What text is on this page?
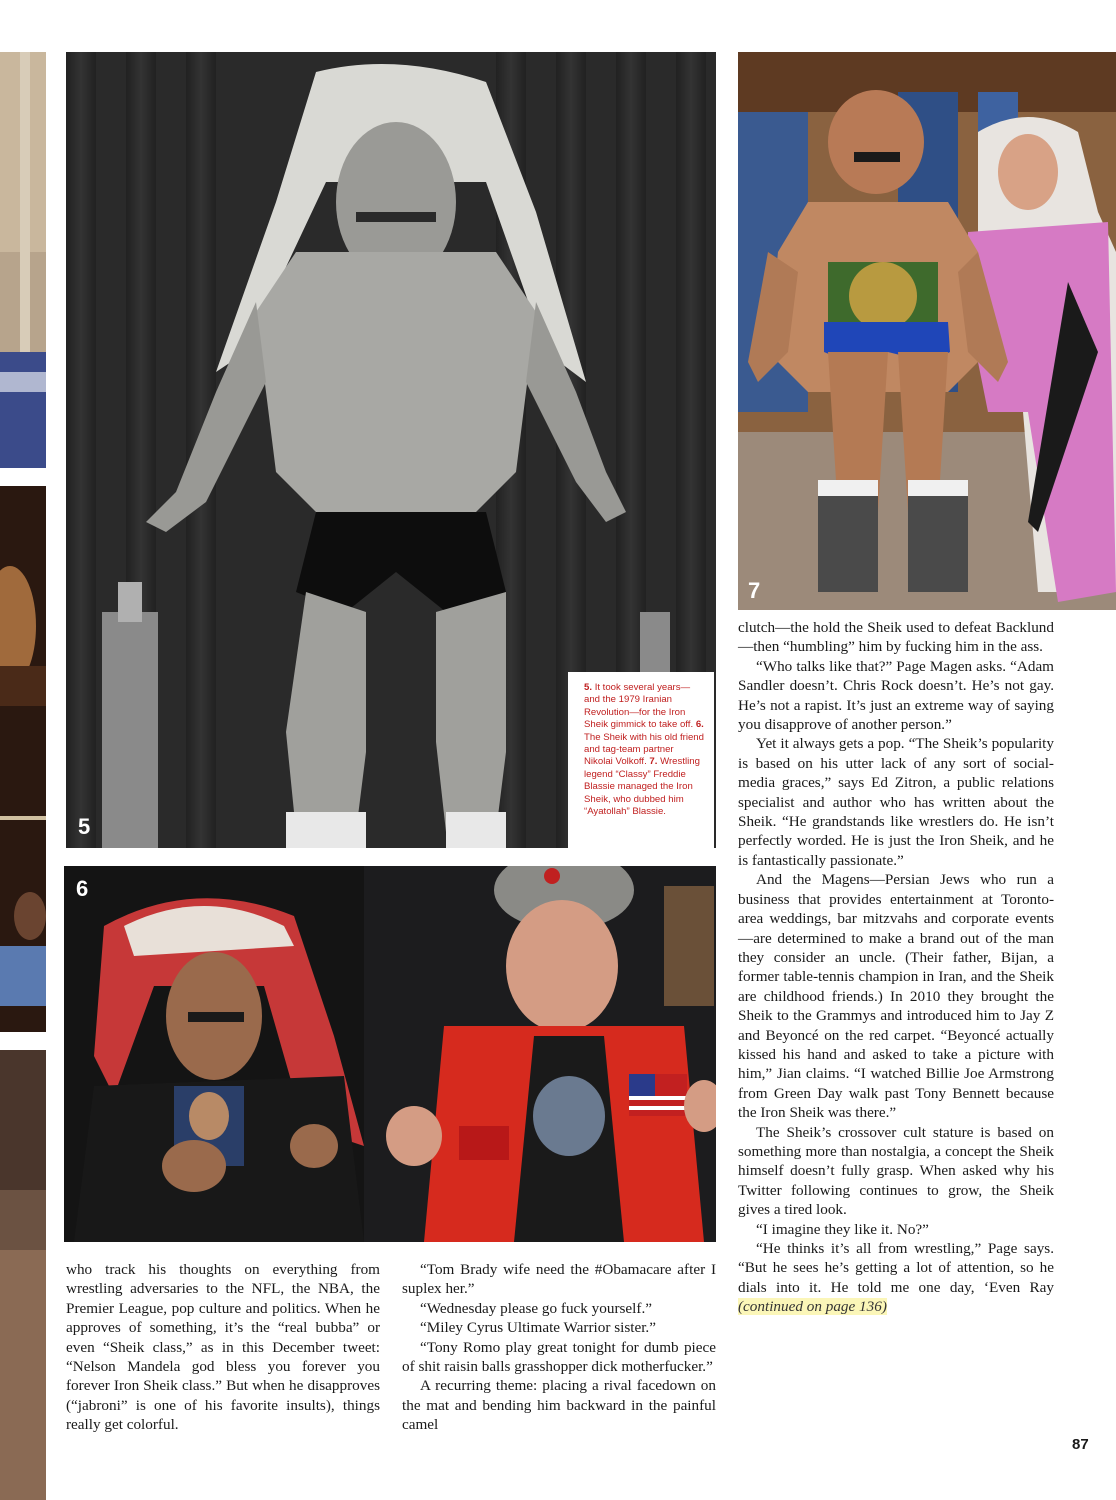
5
5. It took several years—and the 1979 Iranian Revolution—for the Iron Sheik gimmick to take off. 6. The Sheik with his old friend and tag-team partner Nikolai Volkoff. 7. Wrestling legend “Classy” Freddie Blassie managed the Iron Sheik, who dubbed him “Ayatollah” Blassie.
7
6

who track his thoughts on everything from wrestling adversaries to the NFL, the NBA, the Premier League, pop culture and politics. When he approves of something, it’s the “real bubba” or even “Sheik class,” as in this December tweet: “Nelson Mandela god bless you forever you forever Iron Sheik class.” But when he disapproves (“jabroni” is one of his favorite insults), things really get colorful.

“Tom Brady wife need the #Obamacare after I suplex her.”

“Wednesday please go fuck yourself.”

“Miley Cyrus Ultimate Warrior sister.”

“Tony Romo play great tonight for dumb piece of shit raisin balls grasshopper dick motherfucker.”

A recurring theme: placing a rival facedown on the mat and bending him backward in the painful camel

clutch—the hold the Sheik used to defeat Backlund—then “humbling” him by fucking him in the ass.

“Who talks like that?” Page Magen asks. “Adam Sandler doesn’t. Chris Rock doesn’t. He’s not gay. He’s not a rapist. It’s just an extreme way of saying you disapprove of another person.”

Yet it always gets a pop. “The Sheik’s popularity is based on his utter lack of any sort of social-media graces,” says Ed Zitron, a public relations specialist and author who has written about the Sheik. “He grandstands like wrestlers do. He isn’t perfectly worded. He is just the Iron Sheik, and he is fantastically passionate.”

And the Magens—Persian Jews who run a business that provides entertainment at Toronto-area weddings, bar mitzvahs and corporate events—are determined to make a brand out of the man they consider an uncle. (Their father, Bijan, a former table-tennis champion in Iran, and the Sheik are childhood friends.) In 2010 they brought the Sheik to the Grammys and introduced him to Jay Z and Beyoncé on the red carpet. “Beyoncé actually kissed his hand and asked to take a picture with him,” Jian claims. “I watched Billie Joe Armstrong from Green Day walk past Tony Bennett because the Iron Sheik was there.”

The Sheik’s crossover cult stature is based on something more than nostalgia, a concept the Sheik himself doesn’t fully grasp. When asked why his Twitter following continues to grow, the Sheik gives a tired look.

“I imagine they like it. No?”

“He thinks it’s all from wrestling,” Page says. “But he sees he’s getting a lot of attention, so he dials into it. He told me one day, ‘Even Ray (continued on page 136)

87
